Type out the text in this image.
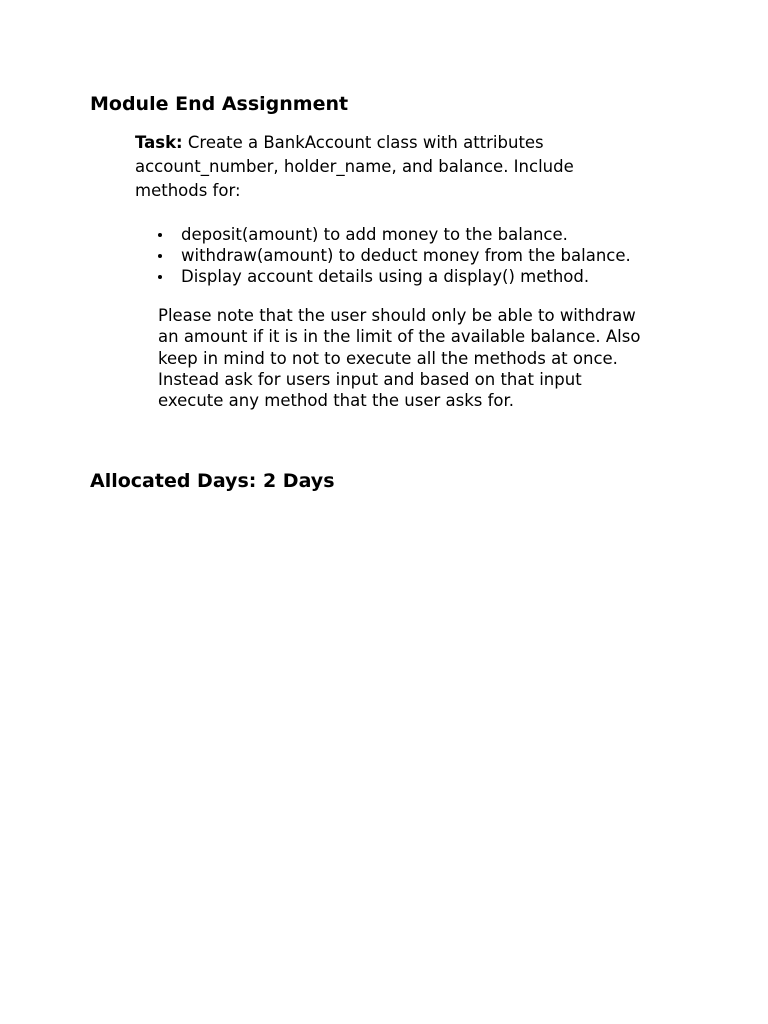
Module End Assignment

Task: Create a BankAccount class with attributes account_number, holder_name, and balance. Include methods for:

deposit(amount) to add money to the balance.
withdraw(amount) to deduct money from the balance.
Display account details using a display() method.

Please note that the user should only be able to withdraw
an amount if it is in the limit of the available balance. Also
keep in mind to not to execute all the methods at once.
Instead ask for users input and based on that input
execute any method that the user asks for.

Allocated Days: 2 Days
